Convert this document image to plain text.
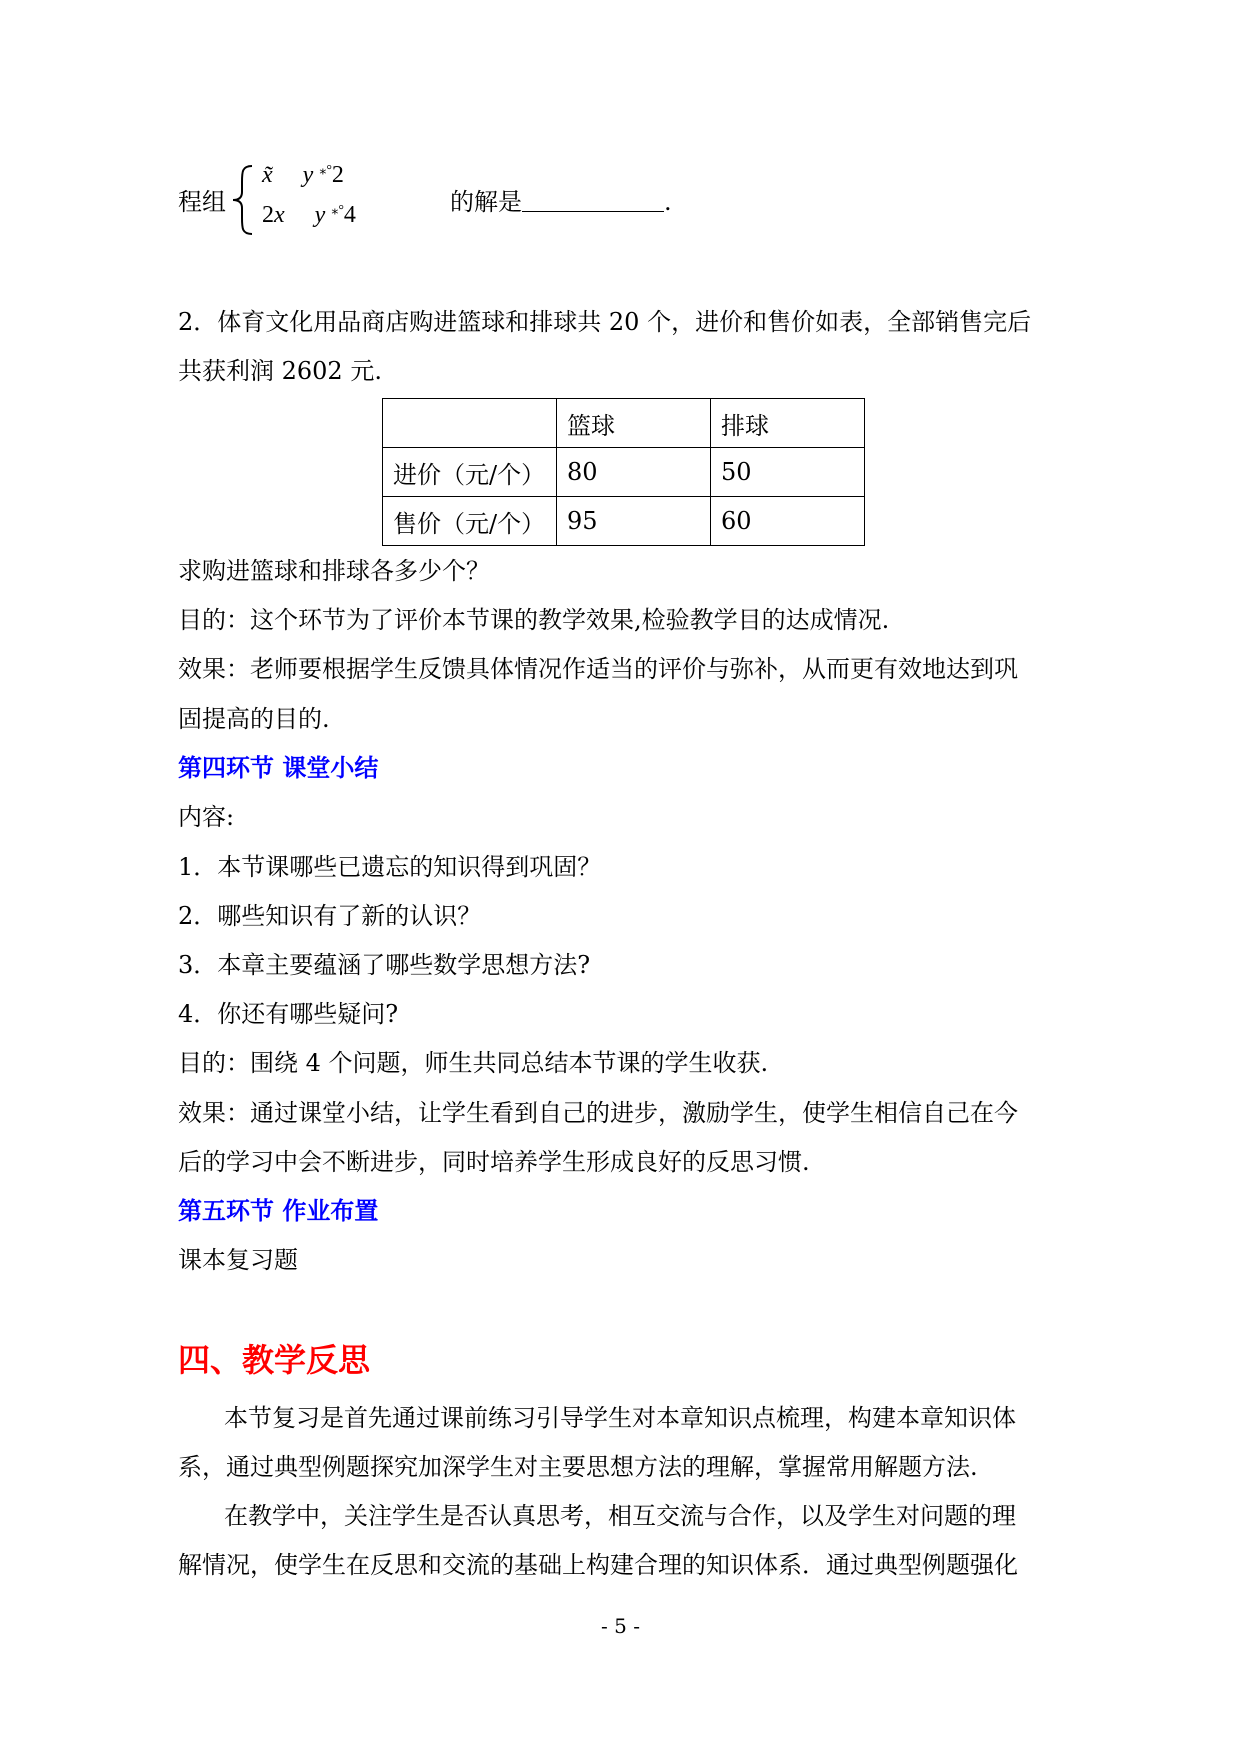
程组
x̃ y ⁎°2
2x y ⁎°4	的解是	.
2．体育文化用品商店购进篮球和排球共 20 个，进价和售价如表，全部销售完后
共获利润 2602 元.
	篮球	排球
进价（元/个）	80	50
售价（元/个）	95	60
求购进篮球和排球各多少个？
目的：这个环节为了评价本节课的教学效果,检验教学目的达成情况.
效果：老师要根据学生反馈具体情况作适当的评价与弥补，从而更有效地达到巩
固提高的目的.
第四环节 课堂小结
内容:
1．本节课哪些已遗忘的知识得到巩固？
2．哪些知识有了新的认识？
3．本章主要蕴涵了哪些数学思想方法?
4．你还有哪些疑问?
目的：围绕 4 个问题，师生共同总结本节课的学生收获.
效果：通过课堂小结，让学生看到自己的进步，激励学生，使学生相信自己在今
后的学习中会不断进步，同时培养学生形成良好的反思习惯.
第五环节 作业布置
课本复习题
四、教学反思
本节复习是首先通过课前练习引导学生对本章知识点梳理，构建本章知识体
系，通过典型例题探究加深学生对主要思想方法的理解，掌握常用解题方法.
在教学中，关注学生是否认真思考，相互交流与合作，以及学生对问题的理
解情况，使学生在反思和交流的基础上构建合理的知识体系．通过典型例题强化
- 5 -
